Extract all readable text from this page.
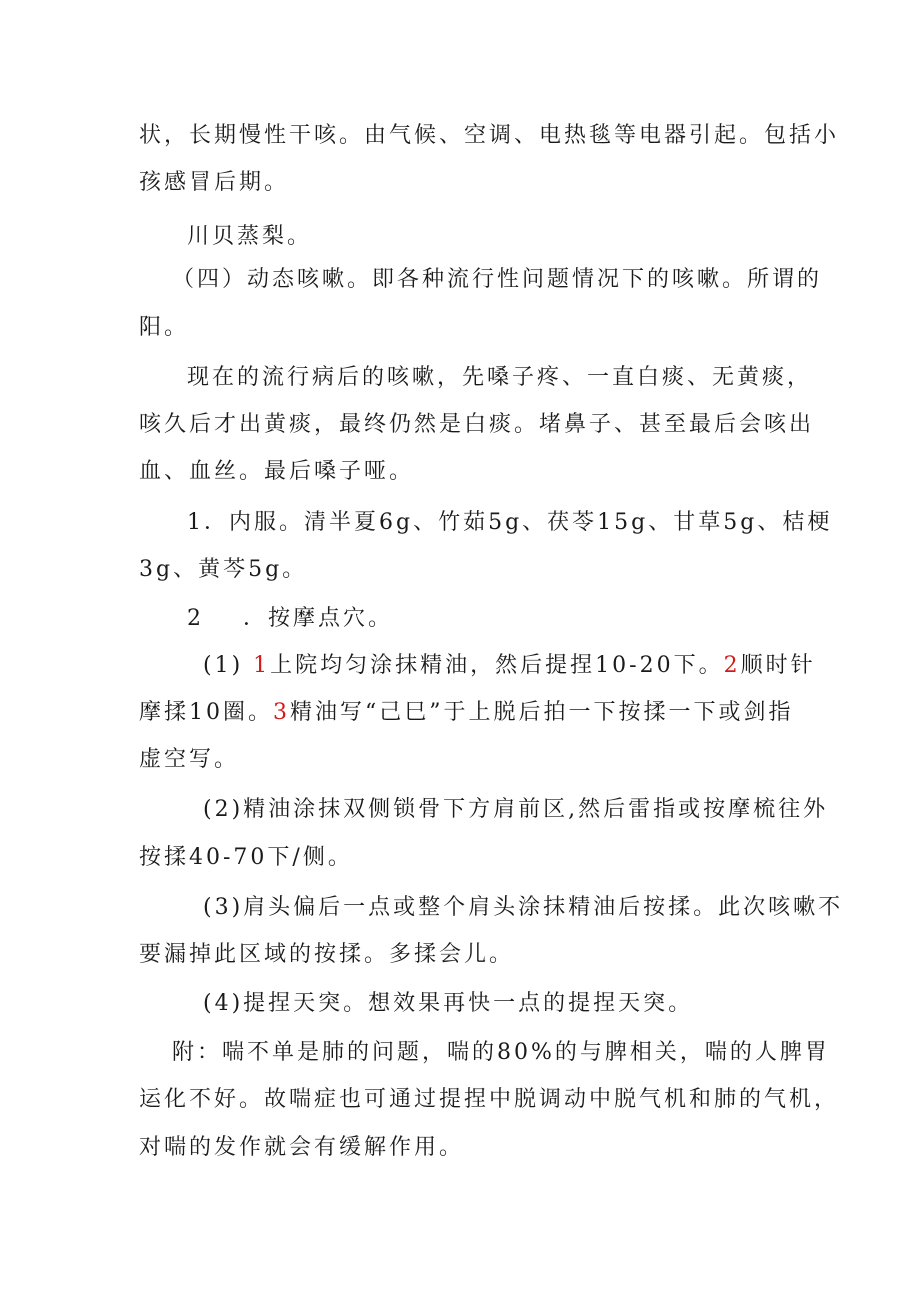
状，长期慢性干咳。由气候、空调、电热毯等电器引起。包括小
孩感冒后期。
川贝蒸梨。
（四）动态咳嗽。即各种流行性问题情况下的咳嗽。所谓的
阳。
现在的流行病后的咳嗽，先嗓子疼、一直白痰、无黄痰，
咳久后才出黄痰，最终仍然是白痰。堵鼻子、甚至最后会咳出
血、血丝。最后嗓子哑。
1．内服。清半夏6g、竹茹5g、茯苓15g、甘草5g、桔梗
3g、黄芩5g。
2 ．按摩点穴。
(1) 1上院均匀涂抹精油，然后提捏10-20下。2顺时针
摩揉10圈。3精油写“己巳”于上脱后拍一下按揉一下或剑指
虚空写。
(2)精油涂抹双侧锁骨下方肩前区,然后雷指或按摩梳往外
按揉40-70下/侧。
(3)肩头偏后一点或整个肩头涂抹精油后按揉。此次咳嗽不
要漏掉此区域的按揉。多揉会儿。
(4)提捏天突。想效果再快一点的提捏天突。
附：喘不单是肺的问题，喘的80%的与脾相关，喘的人脾胃
运化不好。故喘症也可通过提捏中脱调动中脱气机和肺的气机，
对喘的发作就会有缓解作用。
